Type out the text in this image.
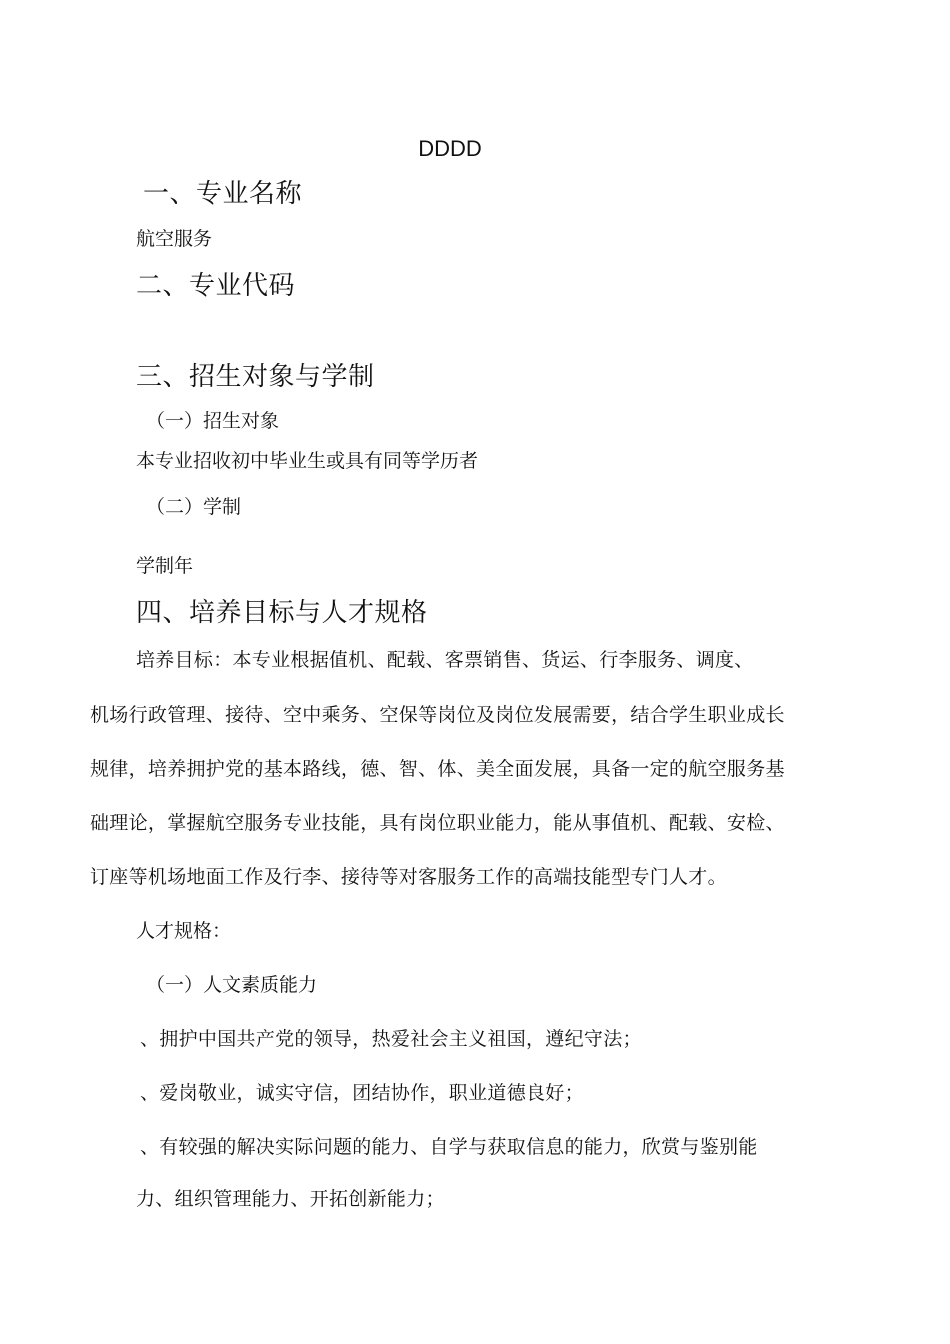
DDDD
一、专业名称
航空服务
二、专业代码
三、招生对象与学制
（一）招生对象
本专业招收初中毕业生或具有同等学历者
（二）学制
学制年
四、培养目标与人才规格
培养目标：本专业根据值机、配载、客票销售、货运、行李服务、调度、
机场行政管理、接待、空中乘务、空保等岗位及岗位发展需要，结合学生职业成长
规律，培养拥护党的基本路线，德、智、体、美全面发展，具备一定的航空服务基
础理论，掌握航空服务专业技能，具有岗位职业能力，能从事值机、配载、安检、
订座等机场地面工作及行李、接待等对客服务工作的高端技能型专门人才。
人才规格：
（一）人文素质能力
、拥护中国共产党的领导，热爱社会主义祖国，遵纪守法；
、爱岗敬业，诚实守信，团结协作，职业道德良好；
、有较强的解决实际问题的能力、自学与获取信息的能力，欣赏与鉴别能
力、组织管理能力、开拓创新能力；
